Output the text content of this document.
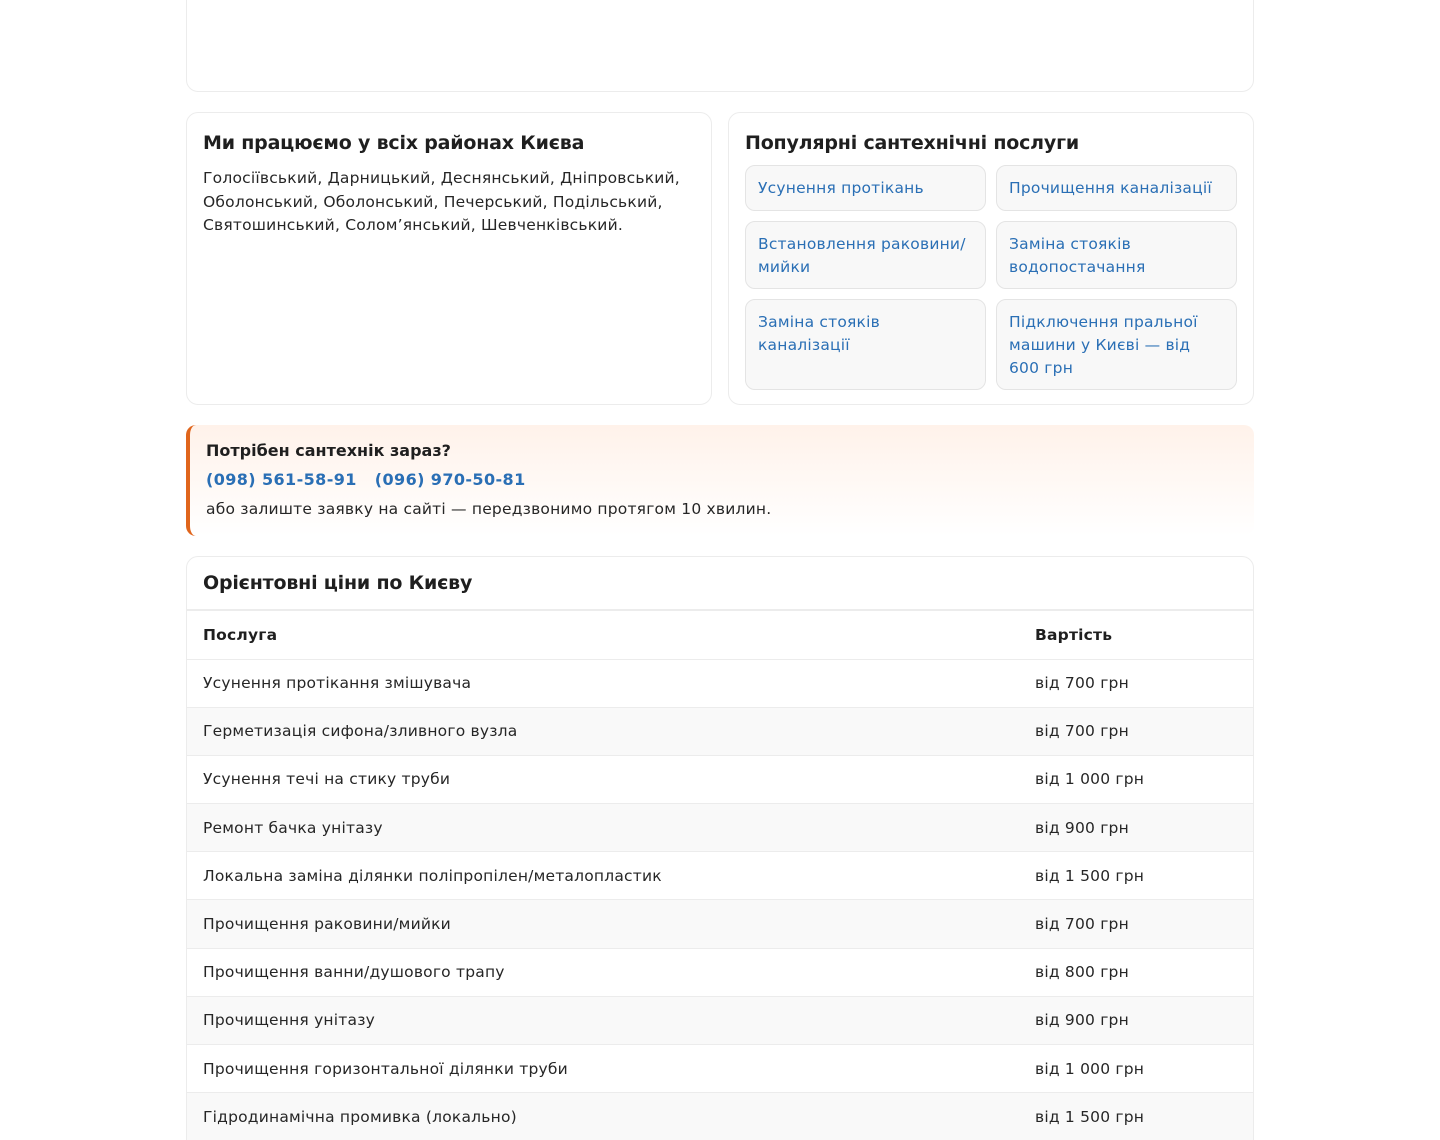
Ми працюємо у всіх районах Києва

Голосіївський, Дарницький, Деснянський, Дніпровський, Оболонський, Оболонський, Печерський, Подільський, Святошинський, Солом’янський, Шевченківський.

Популярні сантехнічні послуги
Усунення протікань	Прочищення каналізації
Встановлення раковини/мийки
Заміна стояків водопостачання
Заміна стояків каналізації
Підключення пральної машини у Києві — від 600 грн
Потрібен сантехнік зараз?
(098) 561-58-91 (096) 970-50-81
або залиште заявку на сайті — передзвонимо протягом 10 хвилин.
Орієнтовні ціни по Києву
Послуга	Вартість
Усунення протікання змішувача	від 700 грн
Герметизація сифона/зливного вузла	від 700 грн
Усунення течі на стику труби	від 1 000 грн
Ремонт бачка унітазу	від 900 грн
Локальна заміна ділянки поліпропілен/металопластик	від 1 500 грн
Прочищення раковини/мийки	від 700 грн
Прочищення ванни/душового трапу	від 800 грн
Прочищення унітазу	від 900 грн
Прочищення горизонтальної ділянки труби	від 1 000 грн
Гідродинамічна промивка (локально)	від 1 500 грн
